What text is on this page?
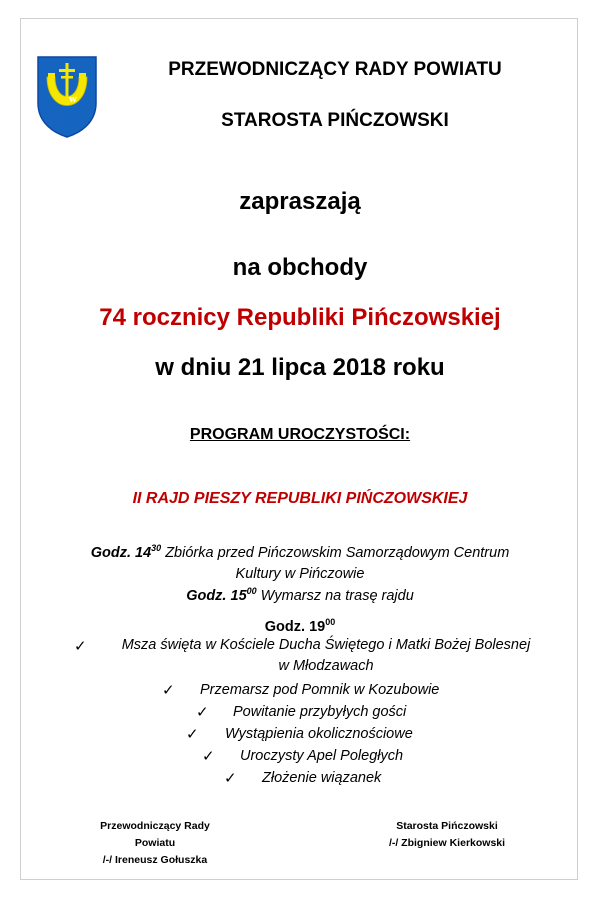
w
PRZEWODNICZĄCY RADY POWIATU
STAROSTA PIŃCZOWSKI
zapraszają
na obchody
74 rocznicy Republiki Pińczowskiej
w dniu 21 lipca 2018 roku
PROGRAM UROCZYSTOŚCI:
II RAJD PIESZY REPUBLIKI PIŃCZOWSKIEJ
Godz. $14^{30}$ Zbiórka przed Pińczowskim Samorządowym Centrum
Kultury w Pińczowie
Godz. $15^{00}$ Wymarsz na trasę rajdu
Godz. $19^{00}$
✓	Msza święta w Kościele Ducha Świętego i Matki Bożej Bolesnej
w Młodzawach
✓ Przemarsz pod Pomnik w Kozubowie
✓ Powitanie przybyłych gości
✓ Wystąpienia okolicznościowe
✓ Uroczysty Apel Poległych
✓ Złożenie wiązanek
Przewodniczący Rady Powiatu
/-/ Ireneusz Gołuszka
Starosta Pińczowski
/-/ Zbigniew Kierkowski
